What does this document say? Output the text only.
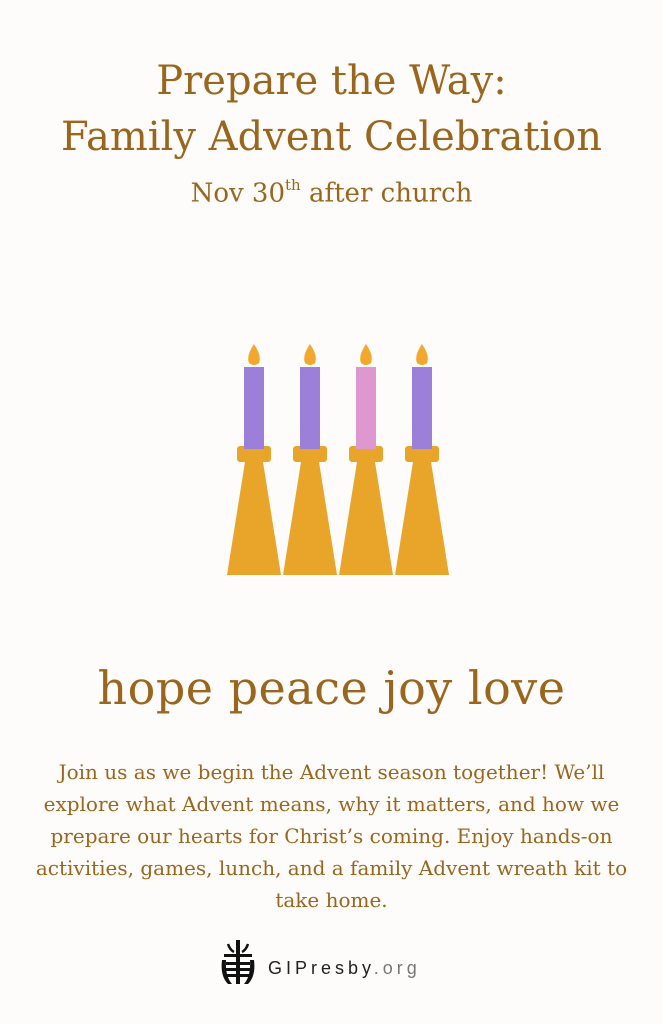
Prepare the Way:
Family Advent Celebration
Nov 30th after church
hope peace joy love

Join us as we begin the Advent season together! We’ll explore what Advent means, why it matters, and how we prepare our hearts for Christ’s coming. Enjoy hands-on activities, games, lunch, and a family Advent wreath kit to take home.

GIPresby.org
